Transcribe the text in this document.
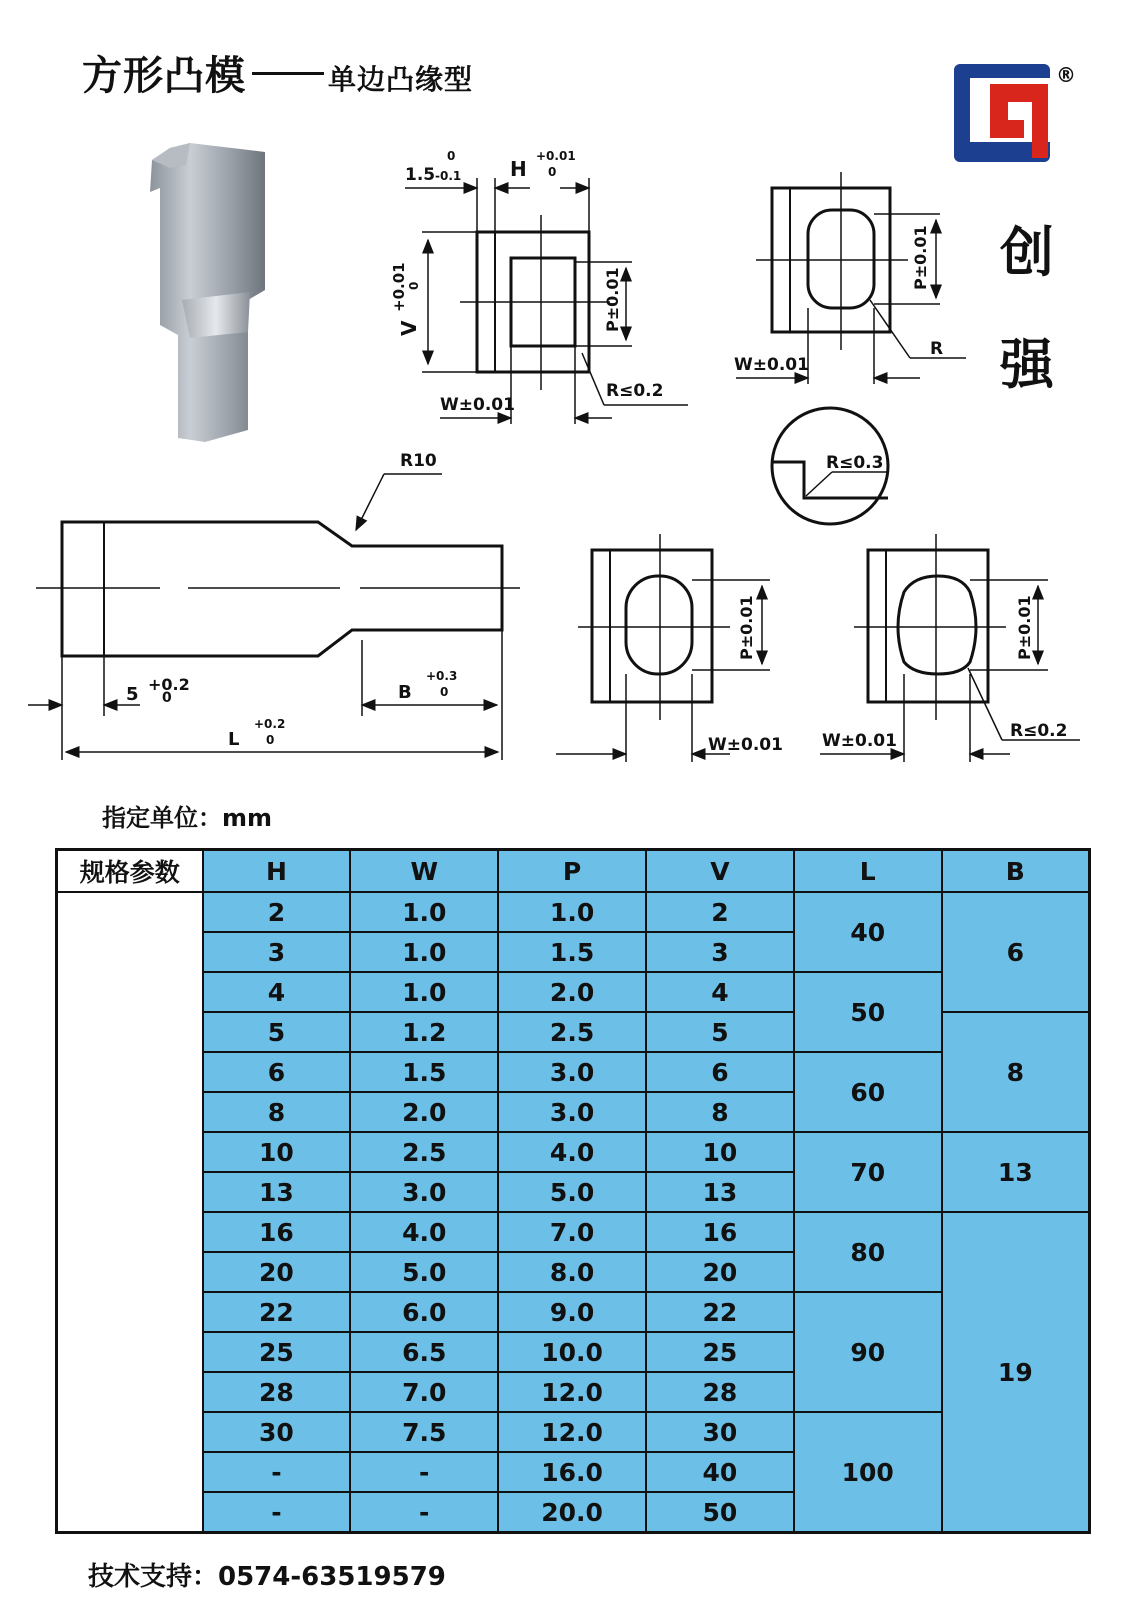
方形凸模	单边凸缘型	®
创
强
1.5
0
-0.1 H
+0.01
0
V
+0.01 0	P±0.01
W±0.01
R≤0.2
P±0.01
W±0.01
R
R≤0.3
R10
5 +0.2
0	B
+0.3
0
L
+0.2
0
P±0.01
W±0.01
P±0.01
W±0.01	R≤0.2
指定单位：mm
规格参数	H	W	P	V	L	B
	2	1.0	1.0	2	40	6
	3	1.0	1.5	3		
	4	1.0	2.0	4	50	
	5	1.2	2.5	5		8
	6	1.5	3.0	6	60	
	8	2.0	3.0	8		
	10	2.5	4.0	10	70	13
	13	3.0	5.0	13		
	16	4.0	7.0	16	80	19
	20	5.0	8.0	20		
	22	6.0	9.0	22	90	
	25	6.5	10.0	25		
	28	7.0	12.0	28		
	30	7.5	12.0	30	100	
	-	-	16.0	40		
	-	-	20.0	50		
技术支持：0574-63519579
